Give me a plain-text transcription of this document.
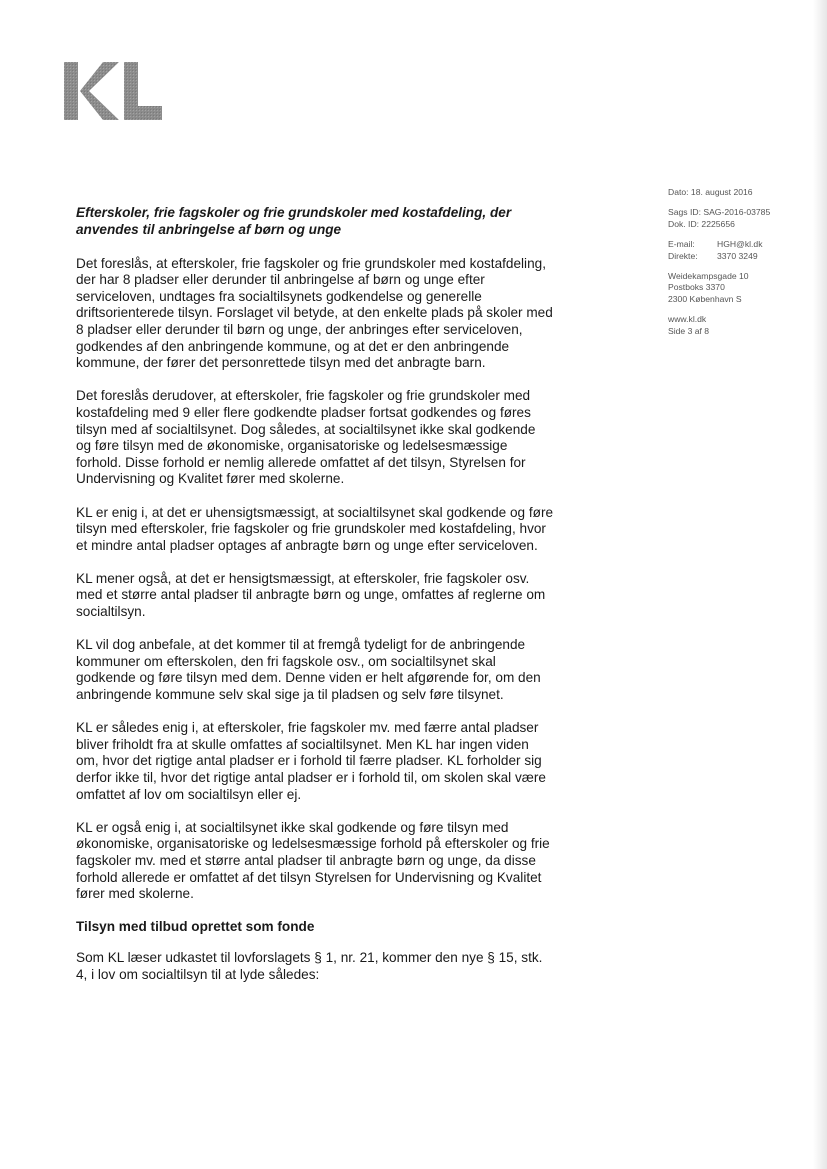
Dato: 18. august 2016
Sags ID: SAG-2016-03785
Dok. ID: 2225656
E-mail:	HGH@kl.dk
Direkte:	3370 3249
Weidekampsgade 10
Postboks 3370
2300 København S
www.kl.dk
Side 3 af 8
Efterskoler, frie fagskoler og frie grundskoler med kostafdeling, der anvendes til anbringelse af børn og unge

Det foreslås, at efterskoler, frie fagskoler og frie grundskoler med kostafdeling, der har 8 pladser eller derunder til anbringelse af børn og unge efter serviceloven, undtages fra socialtilsynets godkendelse og generelle driftsorienterede tilsyn. Forslaget vil betyde, at den enkelte plads på skoler med 8 pladser eller derunder til børn og unge, der anbringes efter serviceloven, godkendes af den anbringende kommune, og at det er den anbringende kommune, der fører det personrettede tilsyn med det anbragte barn.

Det foreslås derudover, at efterskoler, frie fagskoler og frie grundskoler med kostafdeling med 9 eller flere godkendte pladser fortsat godkendes og føres tilsyn med af socialtilsynet. Dog således, at socialtilsynet ikke skal godkende og føre tilsyn med de økonomiske, organisatoriske og ledelsesmæssige forhold. Disse forhold er nemlig allerede omfattet af det tilsyn, Styrelsen for Undervisning og Kvalitet fører med skolerne.

KL er enig i, at det er uhensigtsmæssigt, at socialtilsynet skal godkende og føre tilsyn med efterskoler, frie fagskoler og frie grundskoler med kostafdeling, hvor et mindre antal pladser optages af anbragte børn og unge efter serviceloven.

KL mener også, at det er hensigtsmæssigt, at efterskoler, frie fagskoler osv. med et større antal pladser til anbragte børn og unge, omfattes af reglerne om socialtilsyn.

KL vil dog anbefale, at det kommer til at fremgå tydeligt for de anbringende kommuner om efterskolen, den fri fagskole osv., om socialtilsynet skal godkende og føre tilsyn med dem. Denne viden er helt afgørende for, om den anbringende kommune selv skal sige ja til pladsen og selv føre tilsynet.

KL er således enig i, at efterskoler, frie fagskoler mv. med færre antal pladser bliver friholdt fra at skulle omfattes af socialtilsynet. Men KL har ingen viden om, hvor det rigtige antal pladser er i forhold til færre pladser. KL forholder sig derfor ikke til, hvor det rigtige antal pladser er i forhold til, om skolen skal være omfattet af lov om socialtilsyn eller ej.

KL er også enig i, at socialtilsynet ikke skal godkende og føre tilsyn med økonomiske, organisatoriske og ledelsesmæssige forhold på efterskoler og frie fagskoler mv. med et større antal pladser til anbragte børn og unge, da disse forhold allerede er omfattet af det tilsyn Styrelsen for Undervisning og Kvalitet fører med skolerne.

Tilsyn med tilbud oprettet som fonde

Som KL læser udkastet til lovforslagets § 1, nr. 21, kommer den nye § 15, stk. 4, i lov om socialtilsyn til at lyde således:
